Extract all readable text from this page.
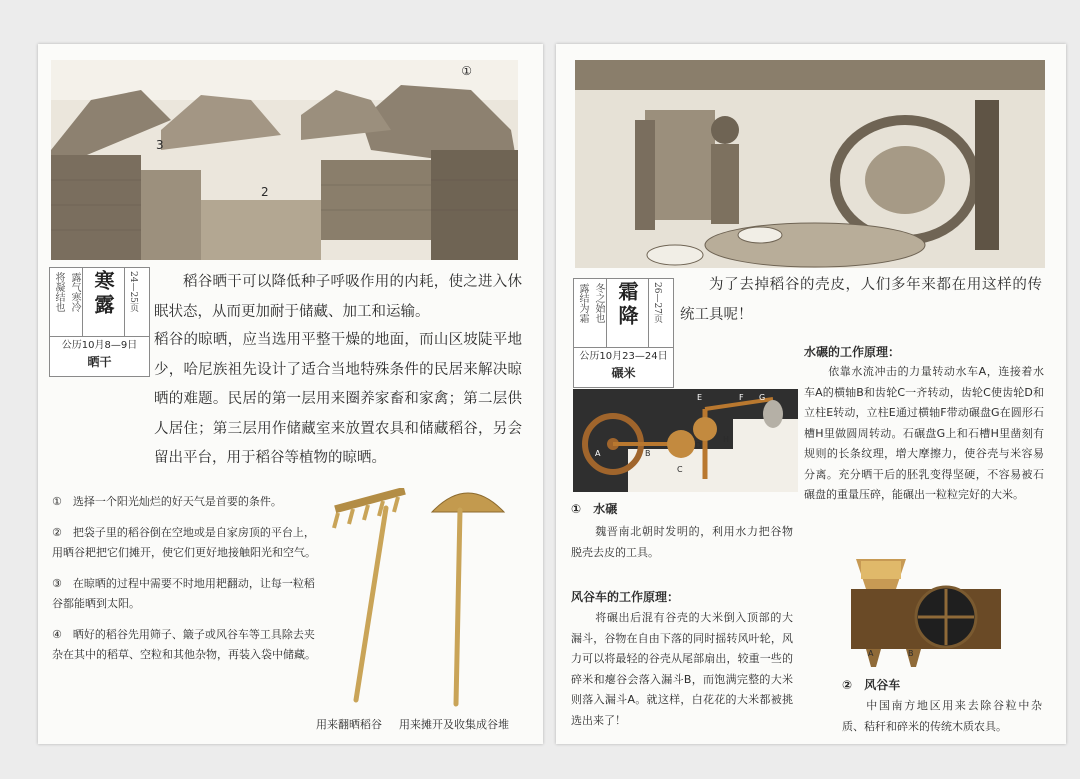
①
3
2
将凝结也 露气寒冷 寒露	24—25页
公历10月8—9日
晒干

稻谷晒干可以降低种子呼吸作用的内耗，使之进入休眠状态，从而更加耐于储藏、加工和运输。

稻谷的晾晒，应当选用平整干燥的地面，而山区坡陡平地少，哈尼族祖先设计了适合当地特殊条件的民居来解决晾晒的难题。民居的第一层用来圈养家畜和家禽；第二层供人居住；第三层用作储藏室来放置农具和储藏稻谷，另会留出平台，用于稻谷等植物的晾晒。

①　 选择一个阳光灿烂的好天气是首要的条件。
②　 把袋子里的稻谷倒在空地或是自家房顶的平台上，用晒谷耙把它们摊开，使它们更好地接触阳光和空气。
③　 在晾晒的过程中需要不时地用耙翻动，让每一粒稻谷都能晒到太阳。
④　 晒好的稻谷先用筛子、簸子或风谷车等工具除去夹杂在其中的稻草、空粒和其他杂物，再装入袋中储藏。
用来翻晒稻谷 用来摊开及收集成谷堆
露结为霜 冬之始也 霜降	26—27页
公历10月23—24日
碾米

为了去掉稻谷的壳皮，人们多年来都在用这样的传统工具呢！

水碾的工作原理：

依靠水流冲击的力量转动水车A，连接着水车A的横轴B和齿轮C一齐转动，齿轮C使齿轮D和立柱E转动，立柱E通过横轴F带动碾盘G在圆形石槽H里做圆周转动。石碾盘G上和石槽H里凿刻有规则的长条纹理，增大摩擦力，使谷壳与米容易分离。充分晒干后的胚乳变得坚硬，不容易被石碾盘的重量压碎，能碾出一粒粒完好的大米。

A	B
C
D
E	F G
H
①　 水碾

魏晋南北朝时发明的，利用水力把谷物脱壳去皮的工具。

风谷车的工作原理：

将碾出后混有谷壳的大米倒入顶部的大漏斗，谷物在自由下落的同时摇转风叶轮，风力可以将最轻的谷壳从尾部扇出，较重一些的碎米和瘪谷会落入漏斗B，而饱满完整的大米则落入漏斗A。就这样，白花花的大米都被挑选出来了！

A	B
②　 风谷车

中国南方地区用来去除谷粒中杂质、秸秆和碎米的传统木质农具。
